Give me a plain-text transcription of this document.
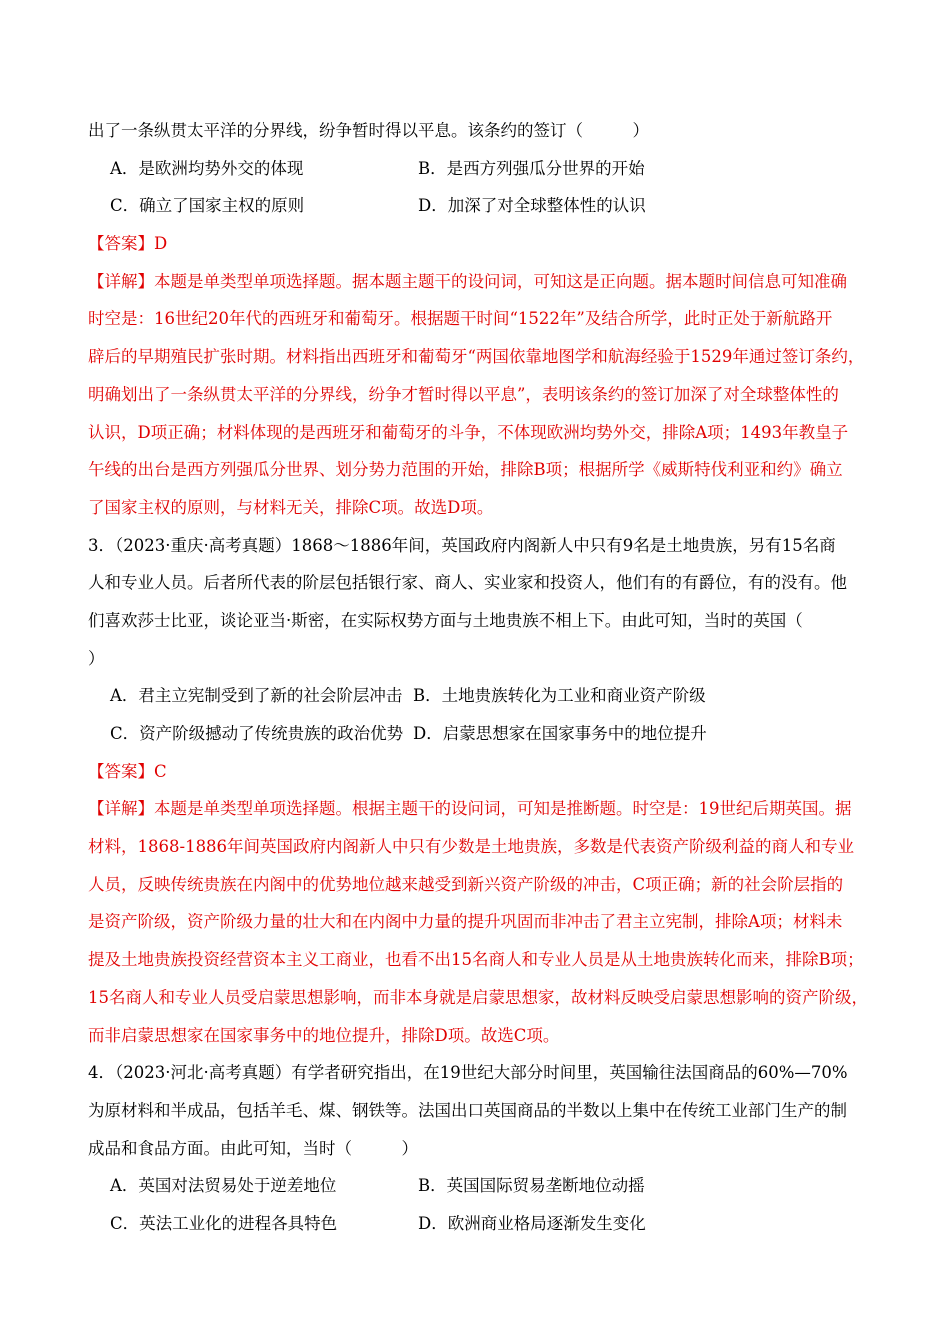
出了一条纵贯太平洋的分界线，纷争暂时得以平息。该条约的签订（　　　）
A．是欧洲均势外交的体现	B．是西方列强瓜分世界的开始
C．确立了国家主权的原则	D．加深了对全球整体性的认识
【答案】D
【详解】本题是单类型单项选择题。据本题主题干的设问词，可知这是正向题。据本题时间信息可知准确
时空是：16世纪20年代的西班牙和葡萄牙。根据题干时间“1522年”及结合所学，此时正处于新航路开
辟后的早期殖民扩张时期。材料指出西班牙和葡萄牙“两国依靠地图学和航海经验于1529年通过签订条约，
明确划出了一条纵贯太平洋的分界线，纷争才暂时得以平息”，表明该条约的签订加深了对全球整体性的
认识，D项正确；材料体现的是西班牙和葡萄牙的斗争，不体现欧洲均势外交，排除A项；1493年教皇子
午线的出台是西方列强瓜分世界、划分势力范围的开始，排除B项；根据所学《威斯特伐利亚和约》确立
了国家主权的原则，与材料无关，排除C项。故选D项。
3．（2023·重庆·高考真题）1868～1886年间，英国政府内阁新人中只有9名是土地贵族，另有15名商
人和专业人员。后者所代表的阶层包括银行家、商人、实业家和投资人，他们有的有爵位，有的没有。他
们喜欢莎士比亚，谈论亚当·斯密，在实际权势方面与土地贵族不相上下。由此可知，当时的英国（
）
A．君主立宪制受到了新的社会阶层冲击 B．土地贵族转化为工业和商业资产阶级
C．资产阶级撼动了传统贵族的政治优势 D．启蒙思想家在国家事务中的地位提升
【答案】C
【详解】本题是单类型单项选择题。根据主题干的设问词，可知是推断题。时空是：19世纪后期英国。据
材料，1868-1886年间英国政府内阁新人中只有少数是土地贵族，多数是代表资产阶级利益的商人和专业
人员，反映传统贵族在内阁中的优势地位越来越受到新兴资产阶级的冲击，C项正确；新的社会阶层指的
是资产阶级，资产阶级力量的壮大和在内阁中力量的提升巩固而非冲击了君主立宪制，排除A项；材料未
提及土地贵族投资经营资本主义工商业，也看不出15名商人和专业人员是从土地贵族转化而来，排除B项；
15名商人和专业人员受启蒙思想影响，而非本身就是启蒙思想家，故材料反映受启蒙思想影响的资产阶级，
而非启蒙思想家在国家事务中的地位提升，排除D项。故选C项。
4．（2023·河北·高考真题）有学者研究指出，在19世纪大部分时间里，英国输往法国商品的60%—70%
为原材料和半成品，包括羊毛、煤、钢铁等。法国出口英国商品的半数以上集中在传统工业部门生产的制
成品和食品方面。由此可知，当时（　　　）
A．英国对法贸易处于逆差地位	B．英国国际贸易垄断地位动摇
C．英法工业化的进程各具特色	D．欧洲商业格局逐渐发生变化
